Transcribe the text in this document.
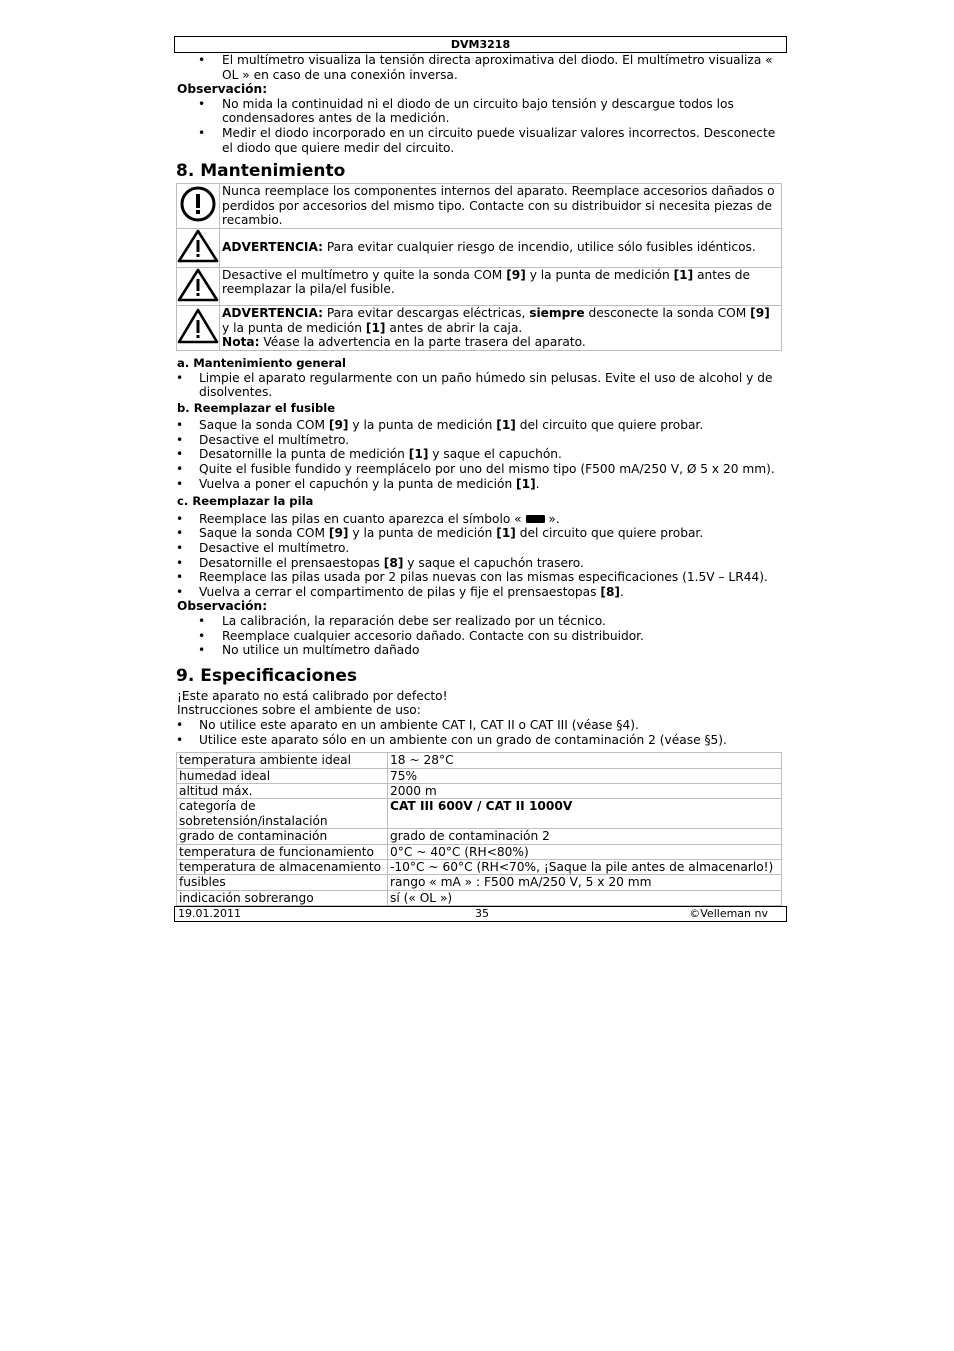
DVM3218
• El multímetro visualiza la tensión directa aproximativa del diodo. El multímetro visualiza « OL » en caso de una conexión inversa.
Observación:
• No mida la continuidad ni el diodo de un circuito bajo tensión y descargue todos los condensadores antes de la medición.
• Medir el diodo incorporado en un circuito puede visualizar valores incorrectos. Desconecte el diodo que quiere medir del circuito.
8. Mantenimiento
	Nunca reemplace los componentes internos del aparato. Reemplace accesorios dañados o perdidos por accesorios del mismo tipo. Contacte con su distribuidor si necesita piezas de recambio.
	ADVERTENCIA: Para evitar cualquier riesgo de incendio, utilice sólo fusibles idénticos.
	Desactive el multímetro y quite la sonda COM [9] y la punta de medición [1] antes de reemplazar la pila/el fusible.
	ADVERTENCIA: Para evitar descargas eléctricas, siempre desconecte la sonda COM [9] y la punta de medición [1] antes de abrir la caja.
Nota: Véase la advertencia en la parte trasera del aparato.
a. Mantenimiento general
• Limpie el aparato regularmente con un paño húmedo sin pelusas. Evite el uso de alcohol y de disolventes.
b. Reemplazar el fusible
• Saque la sonda COM [9] y la punta de medición [1] del circuito que quiere probar.
• Desactive el multímetro.
• Desatornille la punta de medición [1] y saque el capuchón.
• Quite el fusible fundido y reemplácelo por uno del mismo tipo (F500 mA/250 V, Ø 5 x 20 mm).
• Vuelva a poner el capuchón y la punta de medición [1].
c. Reemplazar la pila
• Reemplace las pilas en cuanto aparezca el símbolo «  ».
• Saque la sonda COM [9] y la punta de medición [1] del circuito que quiere probar.
• Desactive el multímetro.
• Desatornille el prensaestopas [8] y saque el capuchón trasero.
• Reemplace las pilas usada por 2 pilas nuevas con las mismas especificaciones (1.5V – LR44).
• Vuelva a cerrar el compartimento de pilas y fije el prensaestopas [8].
Observación:
• La calibración, la reparación debe ser realizado por un técnico.
• Reemplace cualquier accesorio dañado. Contacte con su distribuidor.
• No utilice un multímetro dañado
9. Especificaciones
¡Este aparato no está calibrado por defecto!
Instrucciones sobre el ambiente de uso:
• No utilice este aparato en un ambiente CAT I, CAT II o CAT III (véase §4).
• Utilice este aparato sólo en un ambiente con un grado de contaminación 2 (véase §5).
temperatura ambiente ideal	18 ~ 28°C
humedad ideal	75%
altitud máx.	2000 m
categoría de sobretensión/instalación	CAT III 600V / CAT II 1000V
grado de contaminación	grado de contaminación 2
temperatura de funcionamiento	0°C ~ 40°C (RH<80%)
temperatura de almacenamiento	-10°C ~ 60°C (RH<70%, ¡Saque la pile antes de almacenarlo!)
fusibles	rango « mA » : F500 mA/250 V, 5 x 20 mm
indicación sobrerango	sí (« OL »)
19.01.2011	35	©Velleman nv
